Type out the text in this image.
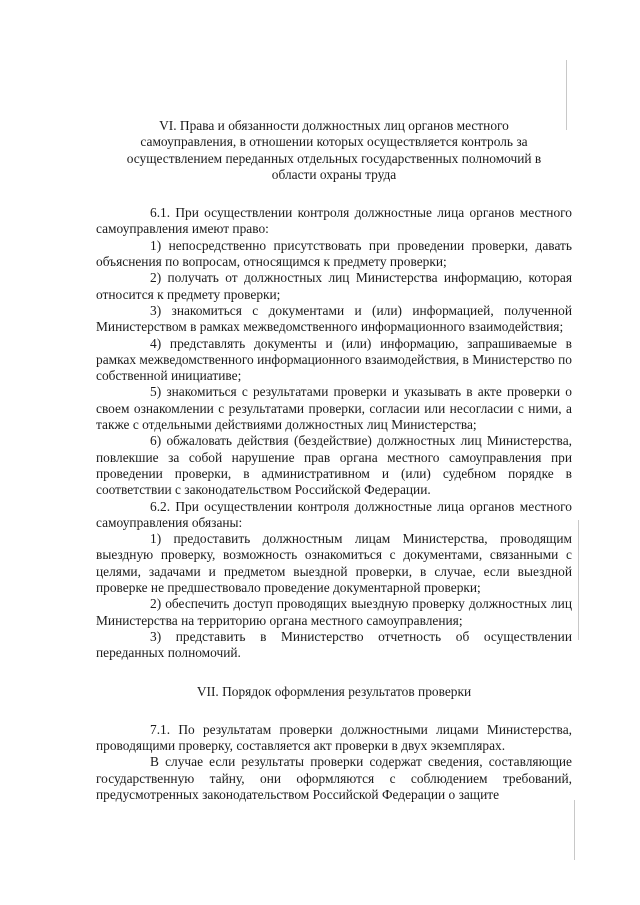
VI. Права и обязанности должностных лиц органов местного
самоуправления, в отношении которых осуществляется контроль за
осуществлением переданных отдельных государственных полномочий в
области охраны труда

6.1. При осуществлении контроля должностные лица органов местного самоуправления имеют право:

1) непосредственно присутствовать при проведении проверки, давать объяснения по вопросам, относящимся к предмету проверки;

2) получать от должностных лиц Министерства информацию, которая относится к предмету проверки;

3) знакомиться с документами и (или) информацией, полученной Министерством в рамках межведомственного информационного взаимодействия;

4) представлять документы и (или) информацию, запрашиваемые в рамках межведомственного информационного взаимодействия, в Министерство по собственной инициативе;

5) знакомиться с результатами проверки и указывать в акте проверки о своем ознакомлении с результатами проверки, согласии или несогласии с ними, а также с отдельными действиями должностных лиц Министерства;

6) обжаловать действия (бездействие) должностных лиц Министерства, повлекшие за собой нарушение прав органа местного самоуправления при проведении проверки, в административном и (или) судебном порядке в соответствии с законодательством Российской Федерации.

6.2. При осуществлении контроля должностные лица органов местного самоуправления обязаны:

1) предоставить должностным лицам Министерства, проводящим выездную проверку, возможность ознакомиться с документами, связанными с целями, задачами и предметом выездной проверки, в случае, если выездной проверке не предшествовало проведение документарной проверки;

2) обеспечить доступ проводящих выездную проверку должностных лиц Министерства на территорию органа местного самоуправления;

3) представить в Министерство отчетность об осуществлении переданных полномочий.

VII. Порядок оформления результатов проверки

7.1. По результатам проверки должностными лицами Министерства, проводящими проверку, составляется акт проверки в двух экземплярах.

В случае если результаты проверки содержат сведения, составляющие государственную тайну, они оформляются с соблюдением требований, предусмотренных законодательством Российской Федерации о защите
